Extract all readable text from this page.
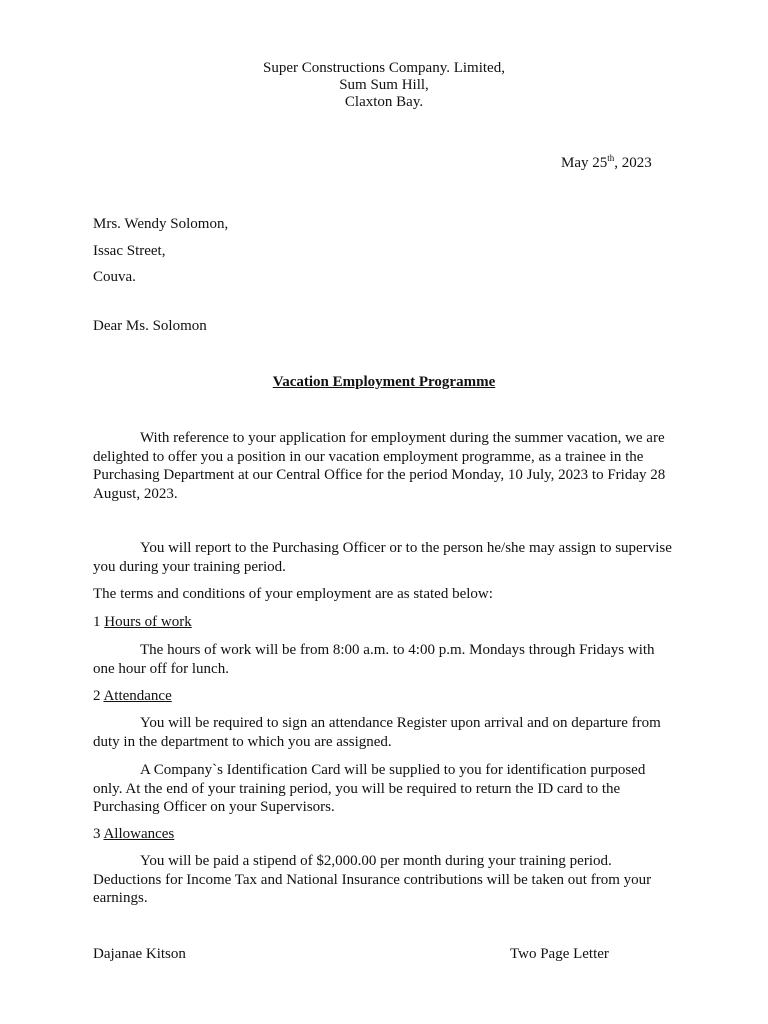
Super Constructions Company. Limited,
Sum Sum Hill,
Claxton Bay.
May 25th, 2023
Mrs. Wendy Solomon,
Issac Street,
Couva.
Dear Ms. Solomon
Vacation Employment Programme
With reference to your application for employment during the summer vacation, we are delighted to offer you a position in our vacation employment programme, as a trainee in the Purchasing Department at our Central Office for the period Monday, 10 July, 2023 to Friday 28 August, 2023.
You will report to the Purchasing Officer or to the person he/she may assign to supervise you during your training period.
The terms and conditions of your employment are as stated below:
1 Hours of work
The hours of work will be from 8:00 a.m. to 4:00 p.m. Mondays through Fridays with one hour off for lunch.
2 Attendance
You will be required to sign an attendance Register upon arrival and on departure from duty in the department to which you are assigned.
A Company`s Identification Card will be supplied to you for identification purposed only. At the end of your training period, you will be required to return the ID card to the Purchasing Officer on your Supervisors.
3 Allowances
You will be paid a stipend of $2,000.00 per month during your training period. Deductions for Income Tax and National Insurance contributions will be taken out from your earnings.
Dajanae Kitson	Two Page Letter
